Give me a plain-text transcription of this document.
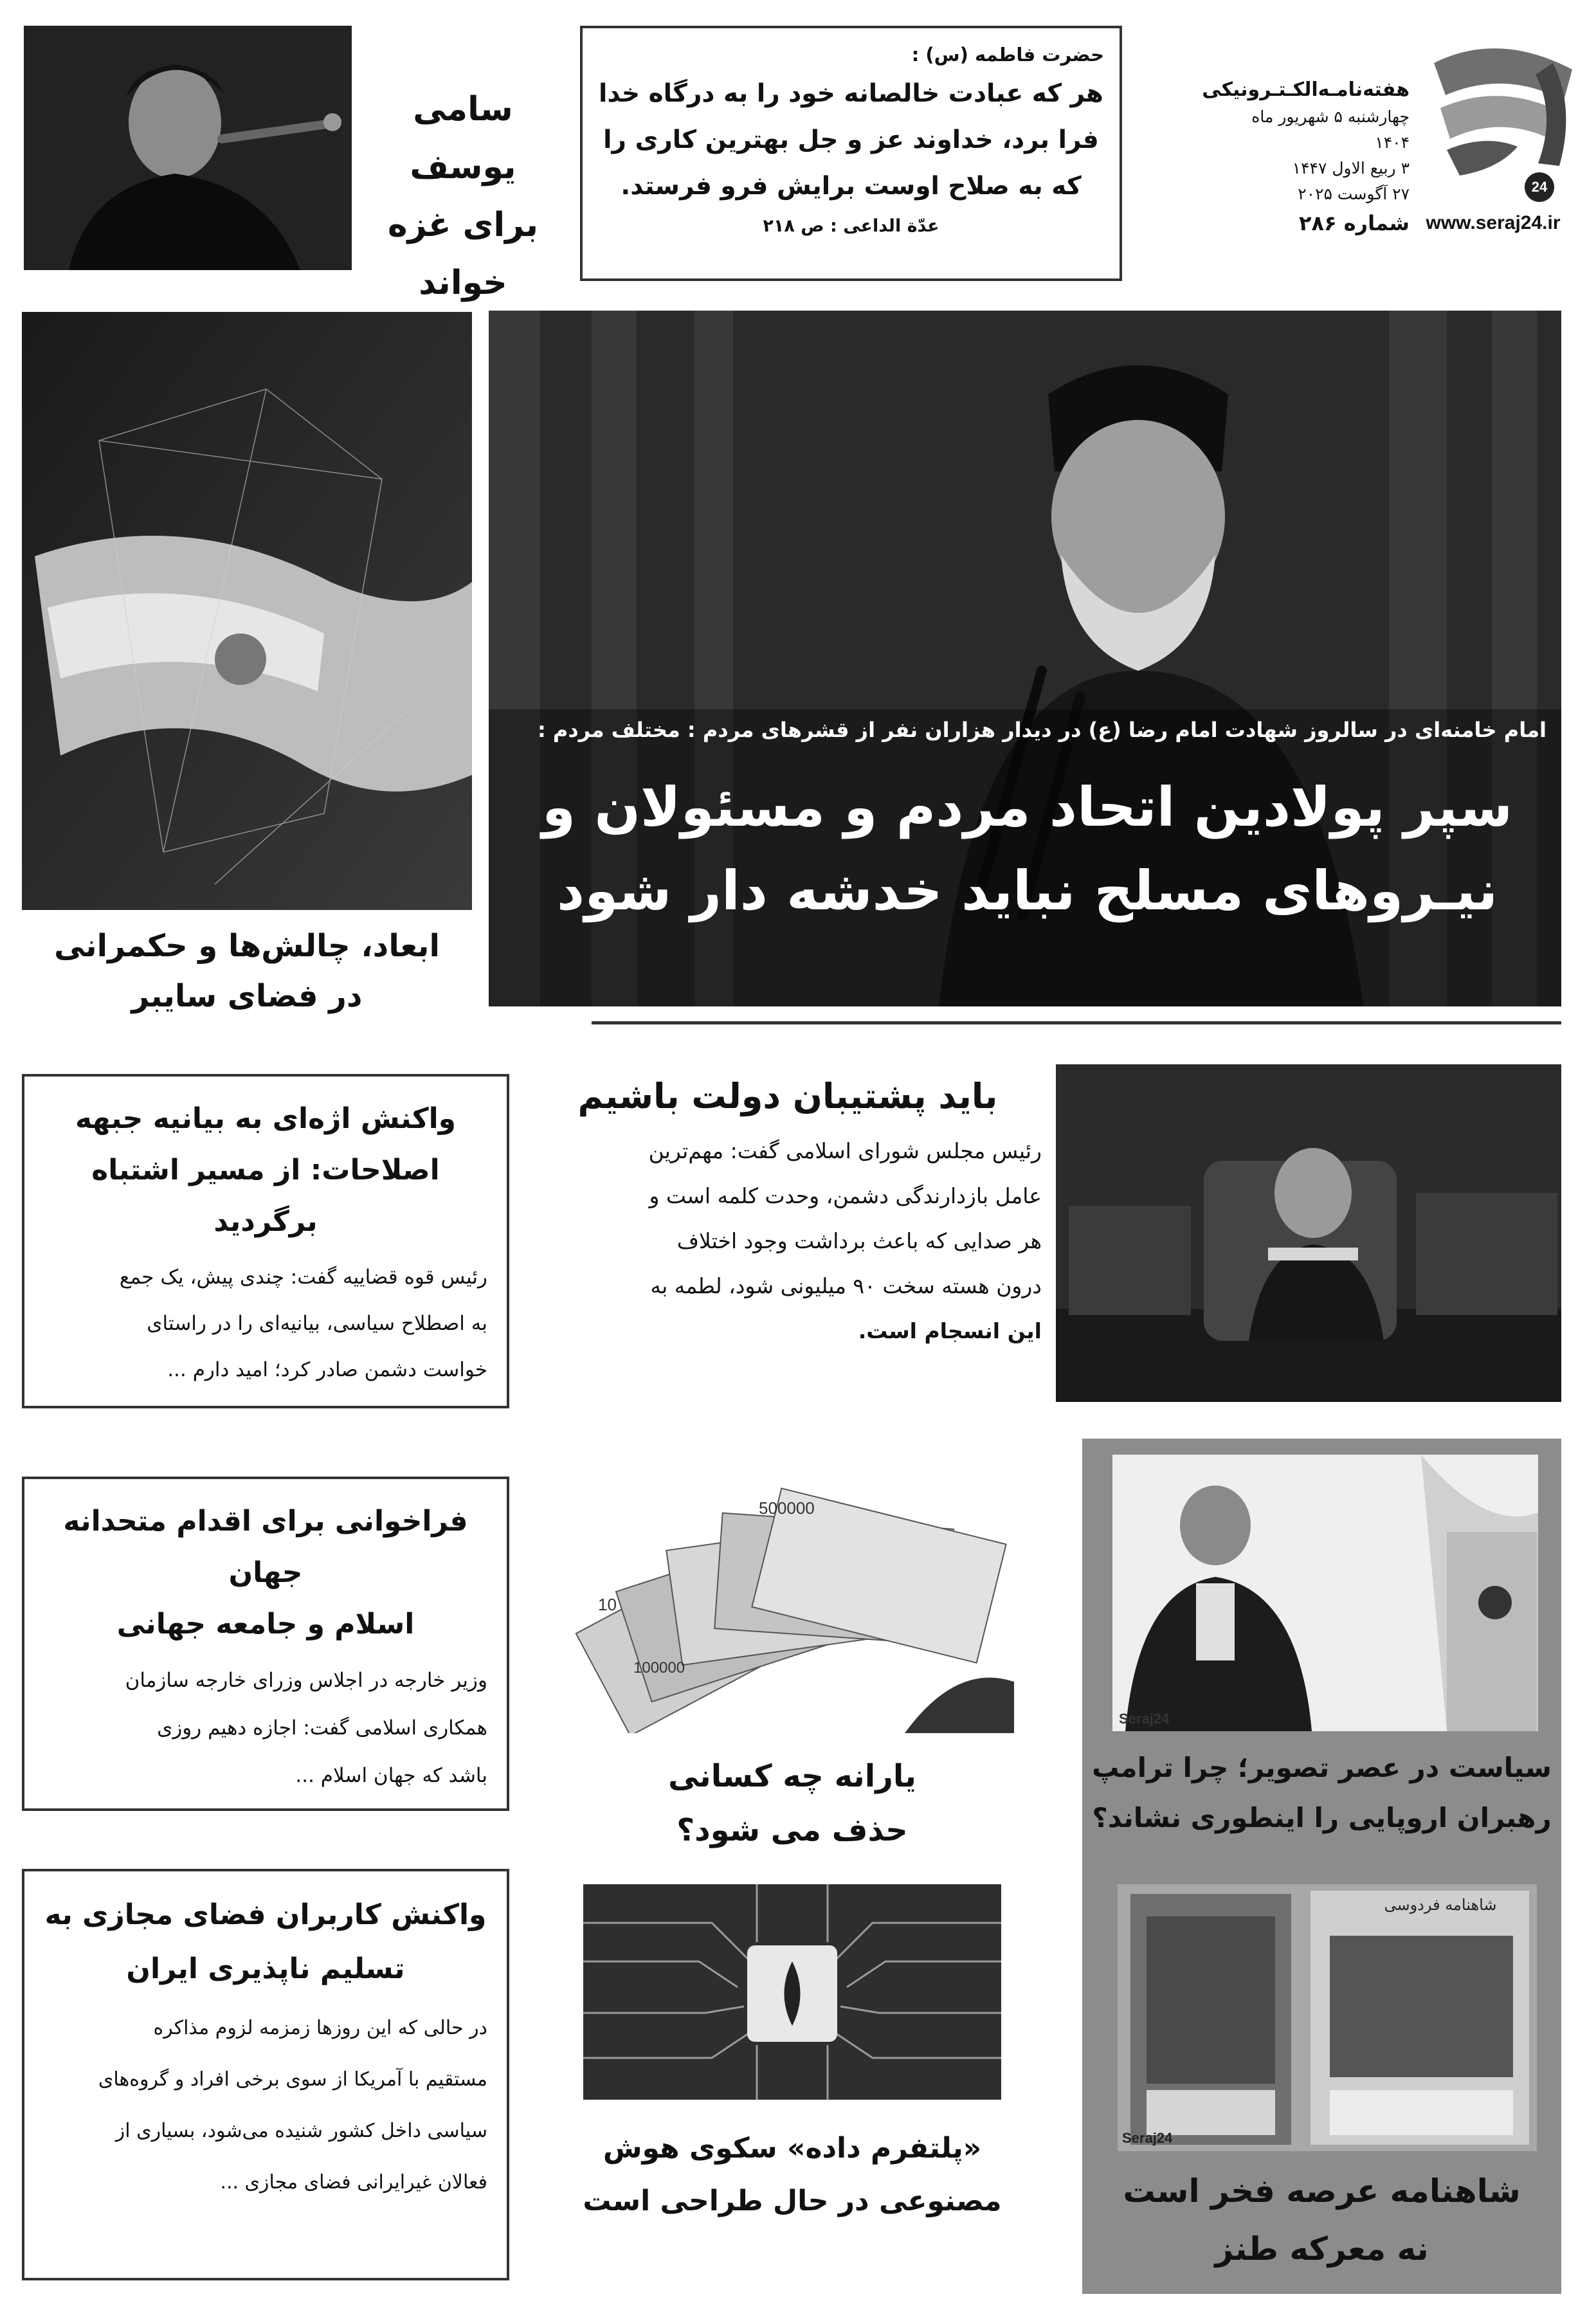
24
www.seraj24.ir
هفته‌نامـه‌الکـتـرونیکی
چهارشنبه ۵ شهریور ماه ۱۴۰۴
۳ ربیع الاول ۱۴۴۷
۲۷ آگوست ۲۰۲۵
شماره ۲۸۶
حضرت فاطمه (س) :
هر که عبادت خالصانه خود را به درگاه خدا
فرا برد، خداوند عز و جل بهترین کاری را
که به صلاح اوست برایش فرو فرستد.
عدّة الداعی : ص ۲۱۸
سامی یوسف
برای غزه خواند
ابعاد، چالش‌ها و حکمرانی
در فضای سایبر
امام خامنه‌ای در سالروز شهادت امام رضا (ع) در دیدار هزاران نفر از قشرهای مردم : مختلف مردم :
سپر پولادین اتحاد مردم و مسئولان و
نیـروهای مسلح نباید خدشه دار شود
باید پشتیبان دولت باشیم
رئیس مجلس شورای اسلامی گفت: مهم‌ترین
عامل بازدارندگی دشمن، وحدت کلمه است و
هر صدایی که باعث برداشت وجود اختلاف
درون هسته سخت ۹۰ میلیونی شود، لطمه به
این انسجام است.
واکنش اژه‌ای به بیانیه جبهه
اصلاحات: از مسیر اشتباه برگردید
رئیس قوه قضاییه گفت: چندی پیش، یک جمع
به اصطلاح سیاسی، بیانیه‌ای را در راستای
خواست دشمن صادر کرد؛ امید دارم ...
فراخوانی برای اقدام متحدانه جهان
اسلام و جامعه جهانی
وزیر خارجه در اجلاس وزرای خارجه سازمان
همکاری اسلامی گفت: اجازه دهیم روزی
باشد که جهان اسلام ...
500000
100000
10
یارانه چه کسانی
حذف می شود؟
Seraj24
سیاست در عصر تصویر؛ چرا ترامپ
رهبران اروپایی را اینطوری نشاند؟
شاهنامه فردوسی
Seraj24
شاهنامه عرصه فخر است
نه معرکه طنز
«پلتفرم داده» سکوی هوش
مصنوعی در حال طراحی است
واکنش کاربران فضای مجازی به
تسلیم ناپذیری ایران
در حالی که این روزها زمزمه لزوم مذاکره
مستقیم با آمریکا از سوی برخی افراد و گروه‌های
سیاسی داخل کشور شنیده می‌شود، بسیاری از
فعالان غیرایرانی فضای مجازی ...
